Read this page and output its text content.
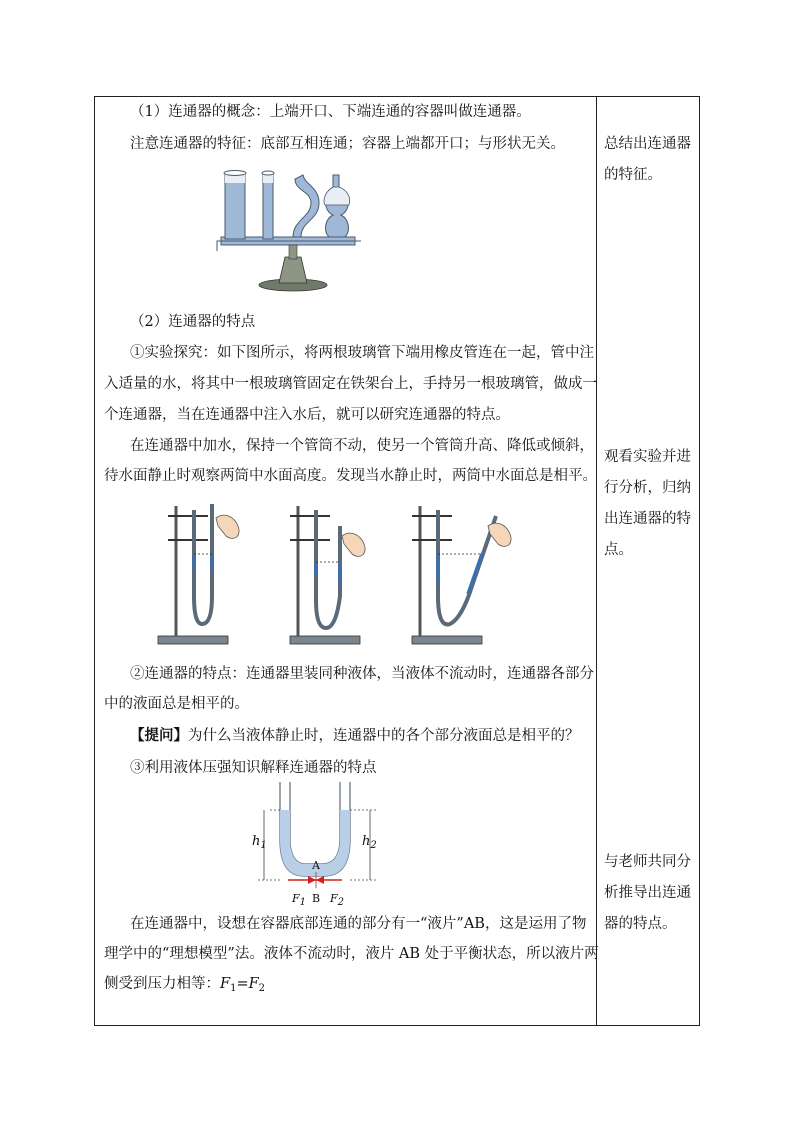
（1）连通器的概念：上端开口、下端连通的容器叫做连通器。
注意连通器的特征：底部互相连通；容器上端都开口；与形状无关。
（2）连通器的特点
①实验探究：如下图所示，将两根玻璃管下端用橡皮管连在一起，管中注
入适量的水，将其中一根玻璃管固定在铁架台上，手持另一根玻璃管，做成一
个连通器，当在连通器中注入水后，就可以研究连通器的特点。
在连通器中加水，保持一个管筒不动，使另一个管筒升高、降低或倾斜，
待水面静止时观察两筒中水面高度。发现当水静止时，两筒中水面总是相平。
②连通器的特点：连通器里装同种液体，当液体不流动时，连通器各部分
中的液面总是相平的。
【提问】为什么当液体静止时，连通器中的各个部分液面总是相平的？
③利用液体压强知识解释连通器的特点
$h_1$	$h_2$
A
B
F1 F2
在连通器中，设想在容器底部连通的部分有一“液片”AB，这是运用了物
理学中的“理想模型”法。液体不流动时，液片 AB 处于平衡状态，所以液片两
侧受到压力相等：$F_1=F_2$
总结出连通器
的特征。
观看实验并进
行分析，归纳
出连通器的特
点。
与老师共同分
析推导出连通
器的特点。
